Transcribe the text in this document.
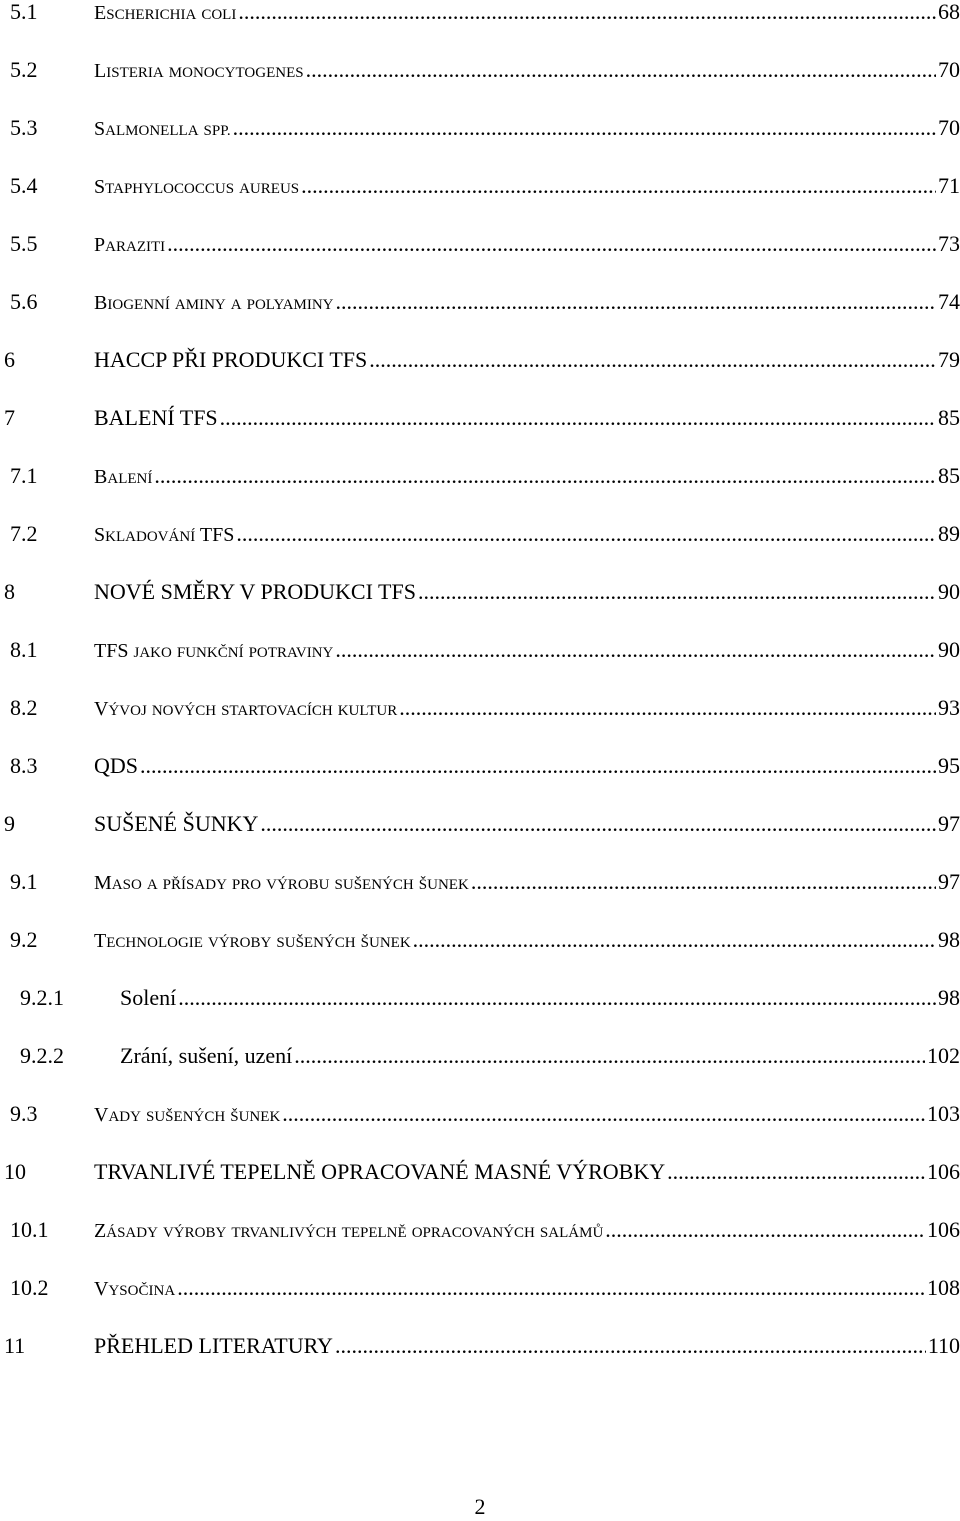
5.1	ESCHERICHIA COLI .....	68
5.2	LISTERIA MONOCYTOGENES .....	70
5.3	SALMONELLA SPP. .....	70
5.4	STAPHYLOCOCCUS AUREUS .....	71
5.5	PARAZITI .....	73
5.6	BIOGENNÍ AMINY A POLYAMINY .....	74
6	HACCP PŘI PRODUKCI TFS .....	79
7	BALENÍ TFS .....	85
7.1	BALENÍ .....	85
7.2	SKLADOVÁNÍ TFS .....	89
8	NOVÉ SMĚRY V PRODUKCI TFS .....	90
8.1	TFS JAKO FUNKČNÍ POTRAVINY .....	90
8.2	VÝVOJ NOVÝCH STARTOVACÍCH KULTUR .....	93
8.3	QDS .....	95
9	SUŠENÉ ŠUNKY .....	97
9.1	MASO A PŘÍSADY PRO VÝROBU SUŠENÝCH ŠUNEK .....	97
9.2	TECHNOLOGIE VÝROBY SUŠENÝCH ŠUNEK .....	98
9.2.1	Solení .....	98
9.2.2	Zrání, sušení, uzení .....	102
9.3	VADY SUŠENÝCH ŠUNEK .....	103
10	TRVANLIVÉ TEPELNĚ OPRACOVANÉ MASNÉ VÝROBKY .....	106
10.1	ZÁSADY VÝROBY TRVANLIVÝCH TEPELNĚ OPRACOVANÝCH SALÁMŮ .....	106
10.2	VYSOČINA .....	108
11	PŘEHLED LITERATURY .....	110
2
